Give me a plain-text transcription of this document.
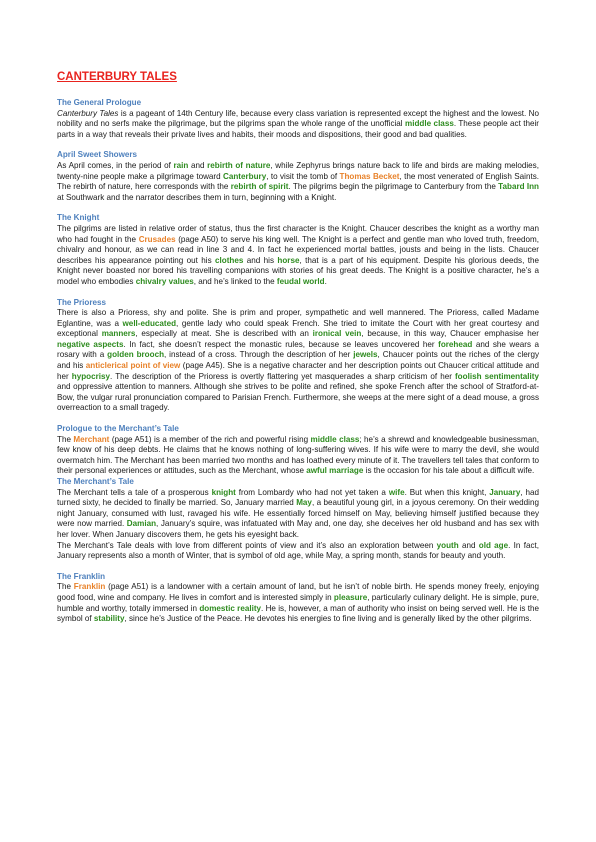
CANTERBURY TALES
The General Prologue

Canterbury Tales is a pageant of 14th Century life, because every class variation is represented except the highest and the lowest. No nobility and no serfs make the pilgrimage, but the pilgrims span the whole range of the unofficial middle class. These people act their parts in a way that reveals their private lives and habits, their moods and dispositions, their good and bad qualities.

April Sweet Showers

As April comes, in the period of rain and rebirth of nature, while Zephyrus brings nature back to life and birds are making melodies, twenty-nine people make a pilgrimage toward Canterbury, to visit the tomb of Thomas Becket, the most venerated of English Saints. The rebirth of nature, here corresponds with the rebirth of spirit. The pilgrims begin the pilgrimage to Canterbury from the Tabard Inn at Southwark and the narrator describes them in turn, beginning with a Knight.

The Knight

The pilgrims are listed in relative order of status, thus the first character is the Knight. Chaucer describes the knight as a worthy man who had fought in the Crusades (page A50) to serve his king well. The Knight is a perfect and gentle man who loved truth, freedom, chivalry and honour, as we can read in line 3 and 4. In fact he experienced mortal battles, jousts and being in the lists. Chaucer describes his appearance pointing out his clothes and his horse, that is a part of his equipment. Despite his glorious deeds, the Knight never boasted nor bored his travelling companions with stories of his great deeds. The Knight is a positive character, he’s a model who embodies chivalry values, and he’s linked to the feudal world.

The Prioress

There is also a Prioress, shy and polite. She is prim and proper, sympathetic and well mannered. The Prioress, called Madame Eglantine, was a well-educated, gentle lady who could speak French. She tried to imitate the Court with her great courtesy and exceptional manners, especially at meat. She is described with an ironical vein, because, in this way, Chaucer emphasise her negative aspects. In fact, she doesn’t respect the monastic rules, because se leaves uncovered her forehead and she wears a rosary with a golden brooch, instead of a cross. Through the description of her jewels, Chaucer points out the riches of the clergy and his anticlerical point of view (page A45). She is a negative character and her description points out Chaucer critical attitude and her hypocrisy. The description of the Prioress is overtly flattering yet masquerades a sharp criticism of her foolish sentimentality and oppressive attention to manners. Although she strives to be polite and refined, she spoke French after the school of Stratford-at-Bow, the vulgar rural pronunciation compared to Parisian French. Furthermore, she weeps at the mere sight of a dead mouse, a gross overreaction to a small tragedy.

Prologue to the Merchant’s Tale

The Merchant (page A51) is a member of the rich and powerful rising middle class; he’s a shrewd and knowledgeable businessman, few know of his deep debts. He claims that he knows nothing of long-suffering wives. If his wife were to marry the devil, she would overmatch him. The Merchant has been married two months and has loathed every minute of it. The travellers tell tales that conform to their personal experiences or attitudes, such as the Merchant, whose awful marriage is the occasion for his tale about a difficult wife.

The Merchant’s Tale

The Merchant tells a tale of a prosperous knight from Lombardy who had not yet taken a wife. But when this knight, January, had turned sixty, he decided to finally be married. So, January married May, a beautiful young girl, in a joyous ceremony. On their wedding night January, consumed with lust, ravaged his wife. He essentially forced himself on May, believing himself justified because they were now married. Damian, January’s squire, was infatuated with May and, one day, she deceives her old husband and has sex with her lover. When January discovers them, he gets his eyesight back.

The Merchant’s Tale deals with love from different points of view and it’s also an exploration between youth and old age. In fact, January represents also a month of Winter, that is symbol of old age, while May, a spring month, stands for beauty and youth.

The Franklin

The Franklin (page A51) is a landowner with a certain amount of land, but he isn’t of noble birth. He spends money freely, enjoying good food, wine and company. He lives in comfort and is interested simply in pleasure, particularly culinary delight. He is simple, pure, humble and worthy, totally immersed in domestic reality. He is, however, a man of authority who insist on being served well. He is the symbol of stability, since he’s Justice of the Peace. He devotes his energies to fine living and is generally liked by the other pilgrims.
